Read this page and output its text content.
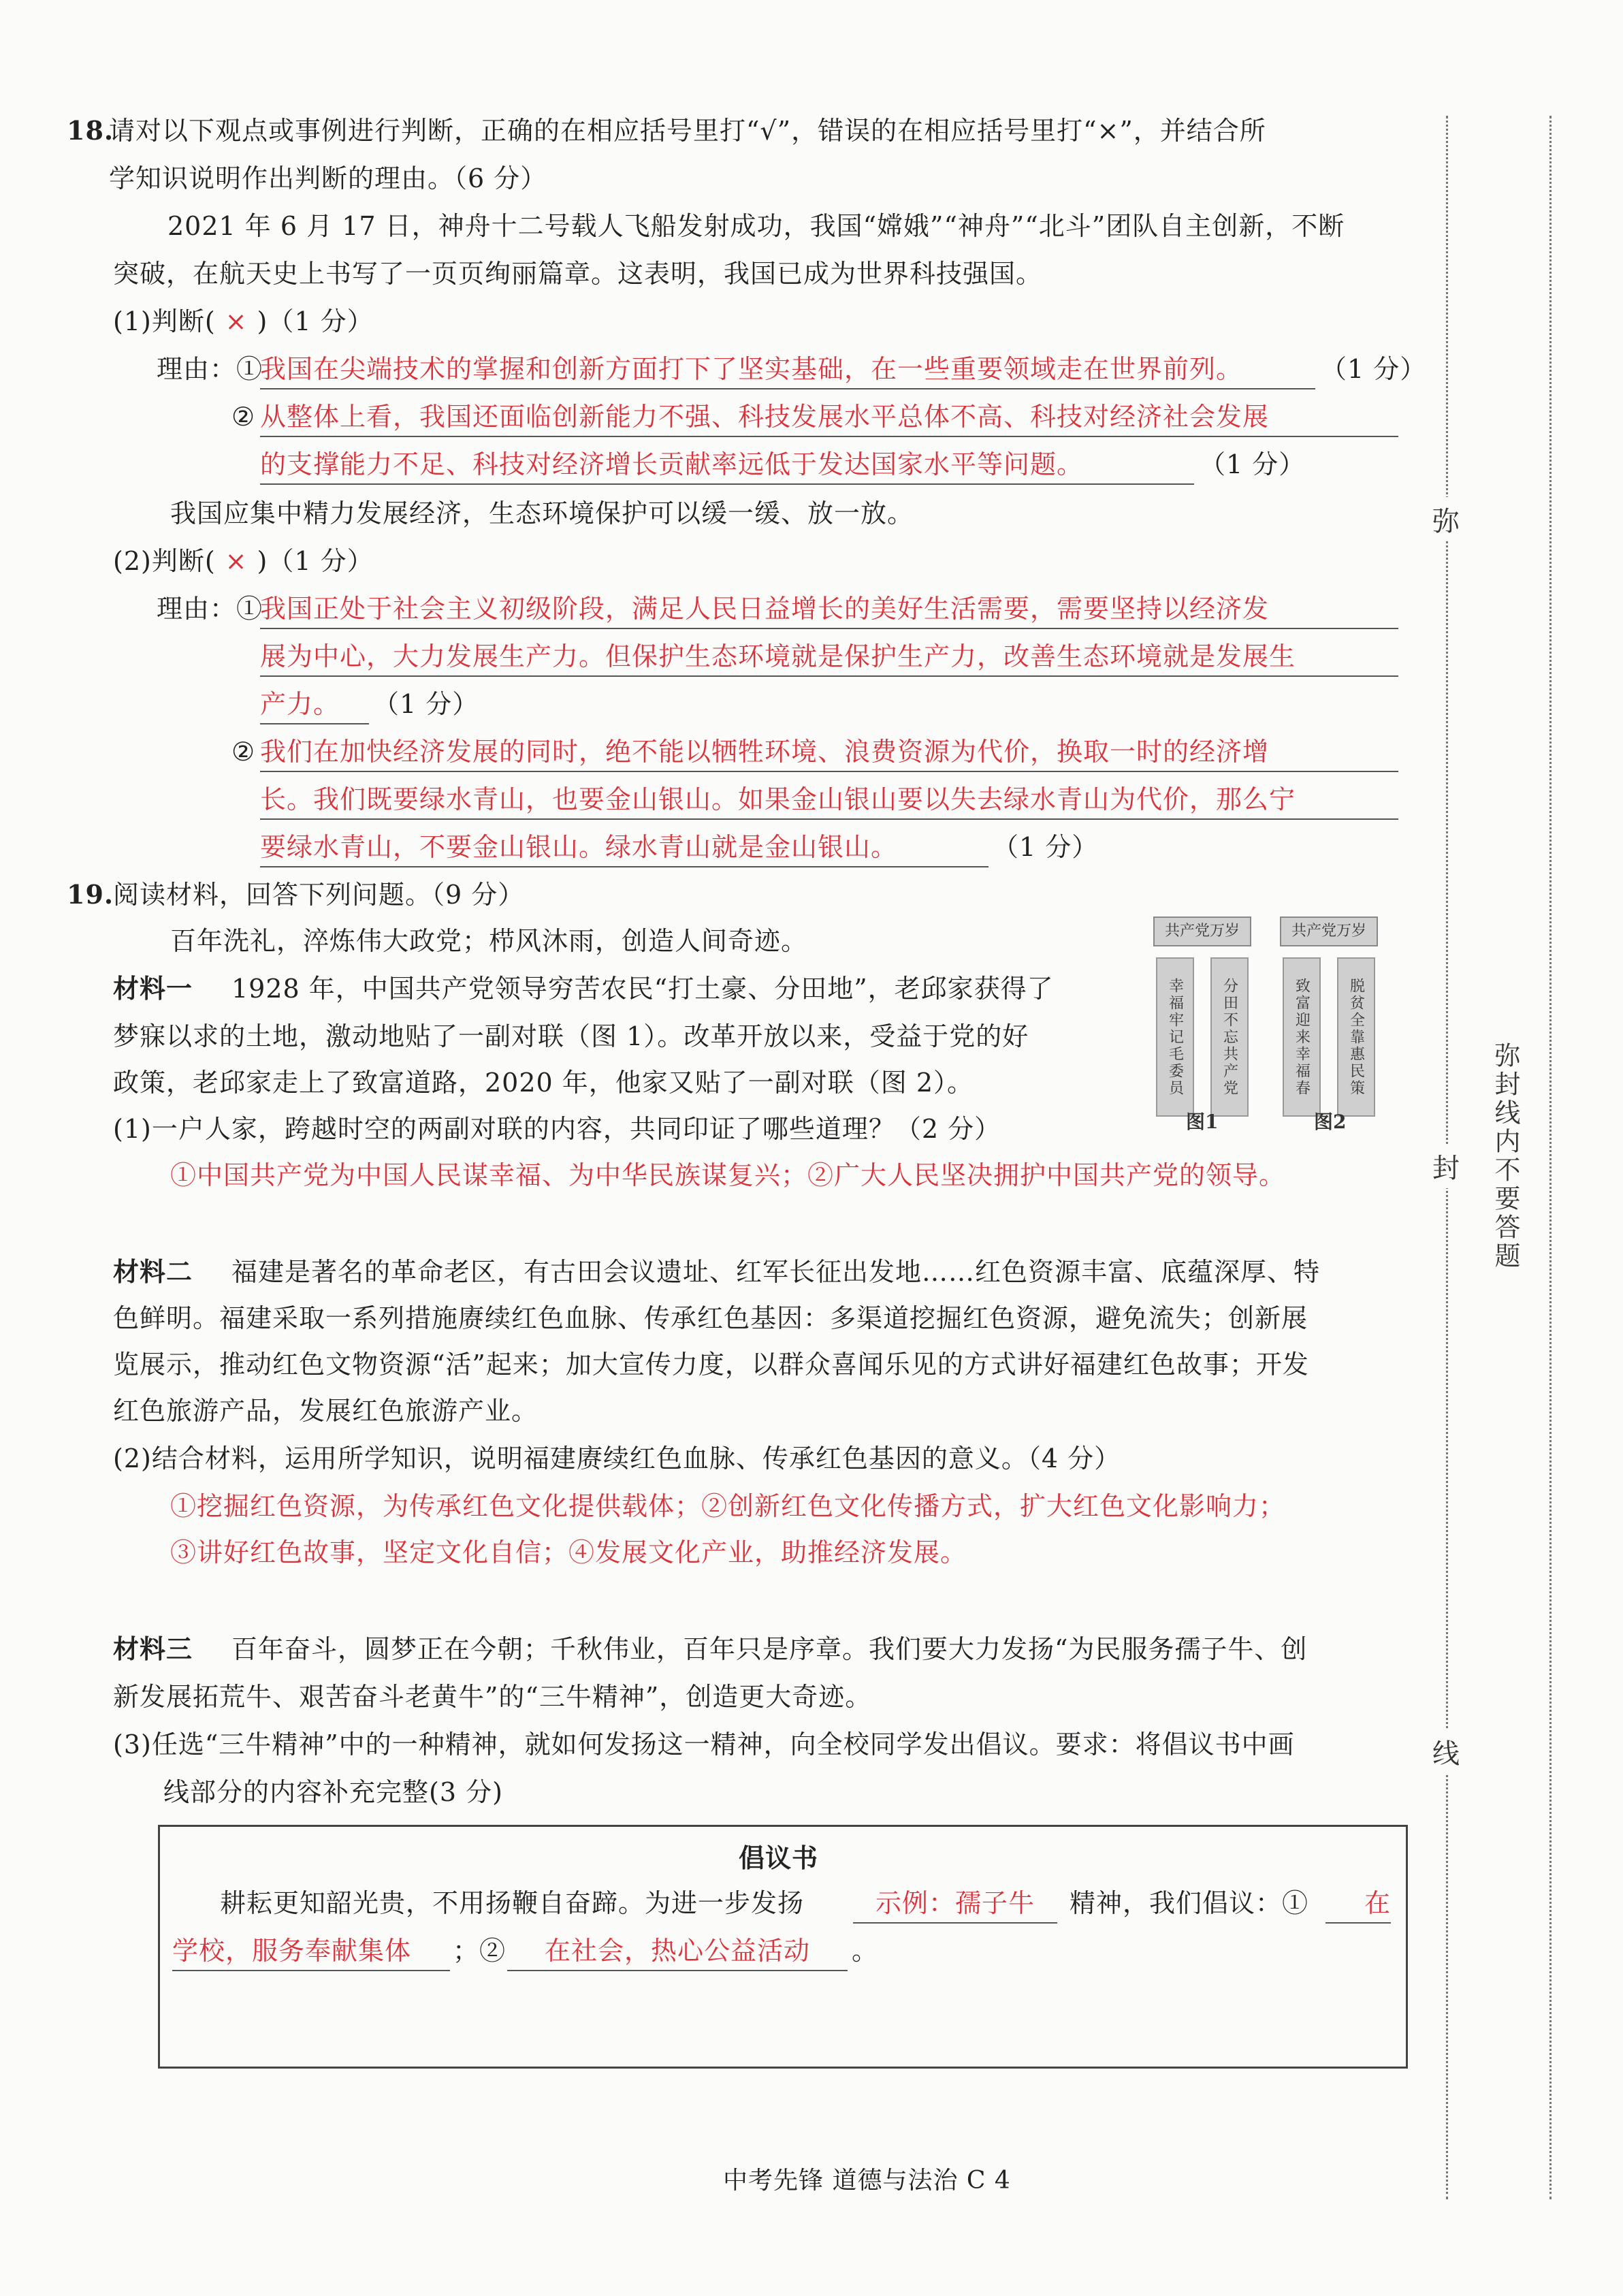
18.
请对以下观点或事例进行判断，正确的在相应括号里打“√”，错误的在相应括号里打“×”，并结合所
学知识说明作出判断的理由。（6 分）
2021 年 6 月 17 日，神舟十二号载人飞船发射成功，我国“嫦娥”“神舟”“北斗”团队自主创新，不断
突破，在航天史上书写了一页页绚丽篇章。这表明，我国已成为世界科技强国。
(1)判断( × )（1 分）
理由：①
我国在尖端技术的掌握和创新方面打下了坚实基础，在一些重要领域走在世界前列。	（1 分）
② 从整体上看，我国还面临创新能力不强、科技发展水平总体不高、科技对经济社会发展
的支撑能力不足、科技对经济增长贡献率远低于发达国家水平等问题。	（1 分）
我国应集中精力发展经济，生态环境保护可以缓一缓、放一放。
(2)判断( × )（1 分）
理由：①
我国正处于社会主义初级阶段，满足人民日益增长的美好生活需要，需要坚持以经济发
展为中心，大力发展生产力。但保护生态环境就是保护生产力，改善生态环境就是发展生
产力。	（1 分）
② 我们在加快经济发展的同时，绝不能以牺牲环境、浪费资源为代价，换取一时的经济增
长。我们既要绿水青山，也要金山银山。如果金山银山要以失去绿水青山为代价，那么宁
要绿水青山，不要金山银山。绿水青山就是金山银山。	（1 分）
19.
阅读材料，回答下列问题。（9 分）
百年洗礼，淬炼伟大政党；栉风沐雨，创造人间奇迹。
材料一 1928 年，中国共产党领导穷苦农民“打土豪、分田地”，老邱家获得了
梦寐以求的土地，激动地贴了一副对联（图 1）。改革开放以来，受益于党的好
政策，老邱家走上了致富道路，2020 年，他家又贴了一副对联（图 2）。
共产党万岁
幸福牢记毛委员	分田不忘共产党
图1
共产党万岁
致富迎来幸福春	脱贫全靠惠民策
图2
(1)一户人家，跨越时空的两副对联的内容，共同印证了哪些道理？（2 分）
①中国共产党为中国人民谋幸福、为中华民族谋复兴；②广大人民坚决拥护中国共产党的领导。
材料二 福建是著名的革命老区，有古田会议遗址、红军长征出发地……红色资源丰富、底蕴深厚、特
色鲜明。福建采取一系列措施赓续红色血脉、传承红色基因：多渠道挖掘红色资源，避免流失；创新展
览展示，推动红色文物资源“活”起来；加大宣传力度，以群众喜闻乐见的方式讲好福建红色故事；开发
红色旅游产品，发展红色旅游产业。
(2)结合材料，运用所学知识，说明福建赓续红色血脉、传承红色基因的意义。（4 分）
①挖掘红色资源，为传承红色文化提供载体；②创新红色文化传播方式，扩大红色文化影响力；
③讲好红色故事，坚定文化自信；④发展文化产业，助推经济发展。
材料三 百年奋斗，圆梦正在今朝；千秋伟业，百年只是序章。我们要大力发扬“为民服务孺子牛、创
新发展拓荒牛、艰苦奋斗老黄牛”的“三牛精神”，创造更大奇迹。
(3)任选“三牛精神”中的一种精神，就如何发扬这一精神，向全校同学发出倡议。要求：将倡议书中画
线部分的内容补充完整(3 分)
倡议书
耕耘更知韶光贵，不用扬鞭自奋蹄。为进一步发扬	示例：孺子牛	精神，我们倡议：①	在
学校，服务奉献集体	；②	在社会，热心公益活动	。
弥
封
线
弥封线内不要答题
中考先锋 道德与法治 C 4
